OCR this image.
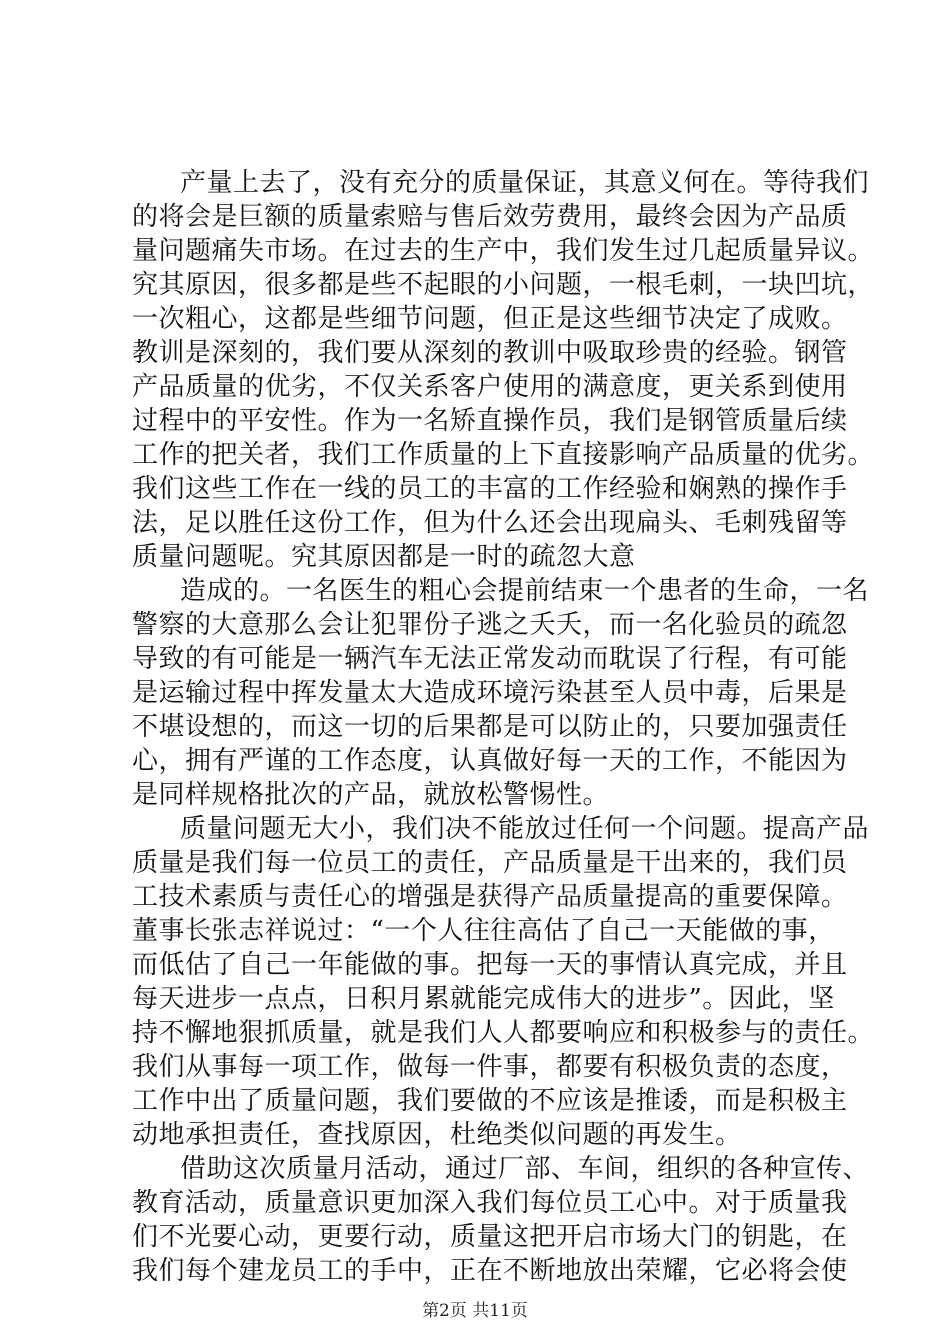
产量上去了，没有充分的质量保证，其意义何在。等待我们
的将会是巨额的质量索赔与售后效劳费用，最终会因为产品质
量问题痛失市场。在过去的生产中，我们发生过几起质量异议。
究其原因，很多都是些不起眼的小问题，一根毛刺，一块凹坑，
一次粗心，这都是些细节问题，但正是这些细节决定了成败。
教训是深刻的，我们要从深刻的教训中吸取珍贵的经验。钢管
产品质量的优劣，不仅关系客户使用的满意度，更关系到使用
过程中的平安性。作为一名矫直操作员，我们是钢管质量后续
工作的把关者，我们工作质量的上下直接影响产品质量的优劣。
我们这些工作在一线的员工的丰富的工作经验和娴熟的操作手
法，足以胜任这份工作，但为什么还会出现扁头、毛刺残留等
质量问题呢。究其原因都是一时的疏忽大意
造成的。一名医生的粗心会提前结束一个患者的生命，一名
警察的大意那么会让犯罪份子逃之夭夭，而一名化验员的疏忽
导致的有可能是一辆汽车无法正常发动而耽误了行程，有可能
是运输过程中挥发量太大造成环境污染甚至人员中毒，后果是
不堪设想的，而这一切的后果都是可以防止的，只要加强责任
心，拥有严谨的工作态度，认真做好每一天的工作，不能因为
是同样规格批次的产品，就放松警惕性。
质量问题无大小，我们决不能放过任何一个问题。提高产品
质量是我们每一位员工的责任，产品质量是干出来的，我们员
工技术素质与责任心的增强是获得产品质量提高的重要保障。
董事长张志祥说过：“一个人往往高估了自己一天能做的事，
而低估了自己一年能做的事。把每一天的事情认真完成，并且
每天进步一点点，日积月累就能完成伟大的进步”。因此，坚
持不懈地狠抓质量，就是我们人人都要响应和积极参与的责任。
我们从事每一项工作，做每一件事，都要有积极负责的态度，
工作中出了质量问题，我们要做的不应该是推诿，而是积极主
动地承担责任，查找原因，杜绝类似问题的再发生。
借助这次质量月活动，通过厂部、车间，组织的各种宣传、
教育活动，质量意识更加深入我们每位员工心中。对于质量我
们不光要心动，更要行动，质量这把开启市场大门的钥匙，在
我们每个建龙员工的手中，正在不断地放出荣耀，它必将会使
第2页 共11页
